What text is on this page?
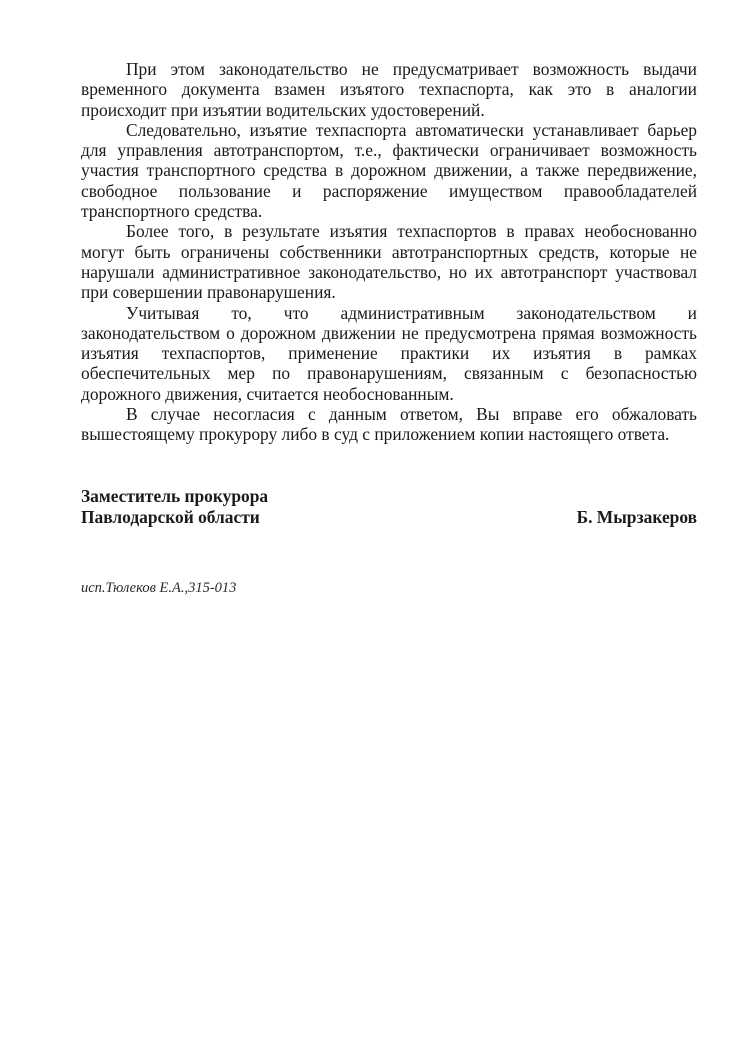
При этом законодательство не предусматривает возможность выдачи временного документа взамен изъятого техпаспорта, как это в аналогии происходит при изъятии водительских удостоверений.

Следовательно, изъятие техпаспорта автоматически устанавливает барьер для управления автотранспортом, т.е., фактически ограничивает возможность участия транспортного средства в дорожном движении, а также передвижение, свободное пользование и распоряжение имуществом правообладателей транспортного средства.

Более того, в результате изъятия техпаспортов в правах необоснованно могут быть ограничены собственники автотранспортных средств, которые не нарушали административное законодательство, но их автотранспорт участвовал при совершении правонарушения.

Учитывая то, что административным законодательством и законодательством о дорожном движении не предусмотрена прямая возможность изъятия техпаспортов, применение практики их изъятия в рамках обеспечительных мер по правонарушениям, связанным с безопасностью дорожного движения, считается необоснованным.

В случае несогласия с данным ответом, Вы вправе его обжаловать вышестоящему прокурору либо в суд с приложением копии настоящего ответа.

Заместитель прокурора
Павлодарской области	Б. Мырзакеров
исп.Тюлеков Е.А.,315-013
